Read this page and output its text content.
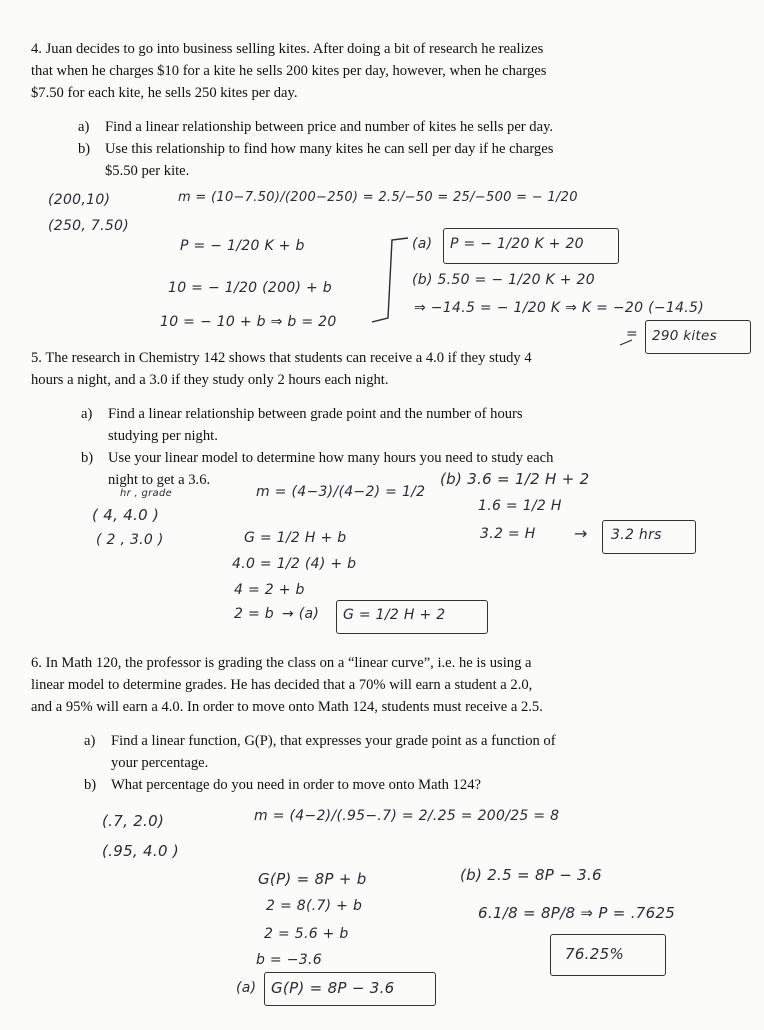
4. Juan decides to go into business selling kites. After doing a bit of research he realizes
that when he charges $10 for a kite he sells 200 kites per day, however, when he charges
$7.50 for each kite, he sells 250 kites per day.
a) Find a linear relationship between price and number of kites he sells per day.
b) Use this relationship to find how many kites he can sell per day if he charges
$5.50 per kite.
(200,10)
(250, 7.50)
m = (10−7.50)/(200−250) = 2.5/−50 = 25/−500 = − 1/20
P = − 1/20 K + b
10 = − 1/20 (200) + b
10 = − 10 + b ⇒ b = 20
(a) P = − 1/20 K + 20
(b) 5.50 = − 1/20 K + 20
⇒ −14.5 = − 1/20 K ⇒ K = −20 (−14.5)
= 290 kites
5. The research in Chemistry 142 shows that students can receive a 4.0 if they study 4
hours a night, and a 3.0 if they study only 2 hours each night.
a) Find a linear relationship between grade point and the number of hours
studying per night.
b) Use your linear model to determine how many hours you need to study each
night to get a 3.6.
hr , grade
( 4, 4.0 )
( 2 , 3.0 )
m = (4−3)/(4−2) = 1/2
G = 1/2 H + b
4.0 = 1/2 (4) + b
4 = 2 + b
2 = b → (a) G = 1/2 H + 2
(b) 3.6 = 1/2 H + 2
1.6 = 1/2 H
3.2 = H → 3.2 hrs
6. In Math 120, the professor is grading the class on a “linear curve”, i.e. he is using a
linear model to determine grades. He has decided that a 70% will earn a student a 2.0,
and a 95% will earn a 4.0. In order to move onto Math 124, students must receive a 2.5.
a) Find a linear function, G(P), that expresses your grade point as a function of
your percentage.
b) What percentage do you need in order to move onto Math 124?
(.7, 2.0)
(.95, 4.0 )
m = (4−2)/(.95−.7) = 2/.25 = 200/25 = 8
G(P) = 8P + b
2 = 8(.7) + b
2 = 5.6 + b
b = −3.6
(a) G(P) = 8P − 3.6
(b) 2.5 = 8P − 3.6
6.1/8 = 8P/8 ⇒ P = .7625
76.25%
